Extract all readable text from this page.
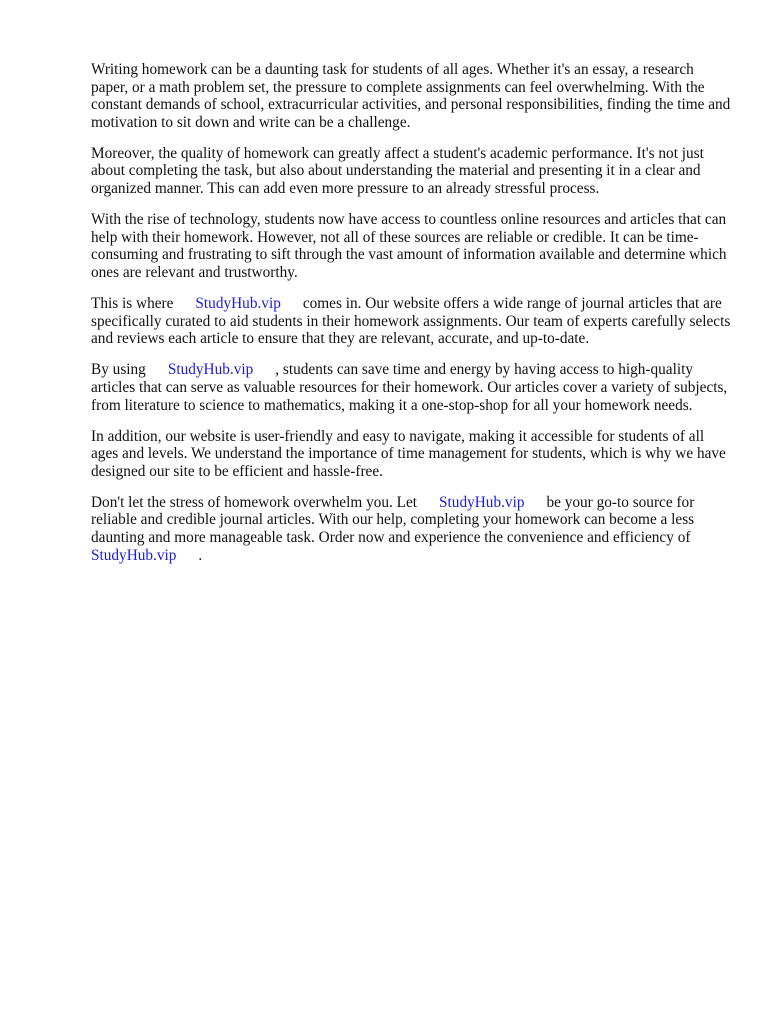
Writing homework can be a daunting task for students of all ages. Whether it's an essay, a research paper, or a math problem set, the pressure to complete assignments can feel overwhelming. With the constant demands of school, extracurricular activities, and personal responsibilities, finding the time and motivation to sit down and write can be a challenge.

Moreover, the quality of homework can greatly affect a student's academic performance. It's not just about completing the task, but also about understanding the material and presenting it in a clear and organized manner. This can add even more pressure to an already stressful process.

With the rise of technology, students now have access to countless online resources and articles that can help with their homework. However, not all of these sources are reliable or credible. It can be time-consuming and frustrating to sift through the vast amount of information available and determine which ones are relevant and trustworthy.

This is where StudyHub.vip comes in. Our website offers a wide range of journal articles that are specifically curated to aid students in their homework assignments. Our team of experts carefully selects and reviews each article to ensure that they are relevant, accurate, and up-to-date.

By using StudyHub.vip , students can save time and energy by having access to high-quality articles that can serve as valuable resources for their homework. Our articles cover a variety of subjects, from literature to science to mathematics, making it a one-stop-shop for all your homework needs.

In addition, our website is user-friendly and easy to navigate, making it accessible for students of all ages and levels. We understand the importance of time management for students, which is why we have designed our site to be efficient and hassle-free.

Don't let the stress of homework overwhelm you. Let StudyHub.vip be your go-to source for reliable and credible journal articles. With our help, completing your homework can become a less daunting and more manageable task. Order now and experience the convenience and efficiency of StudyHub.vip .
